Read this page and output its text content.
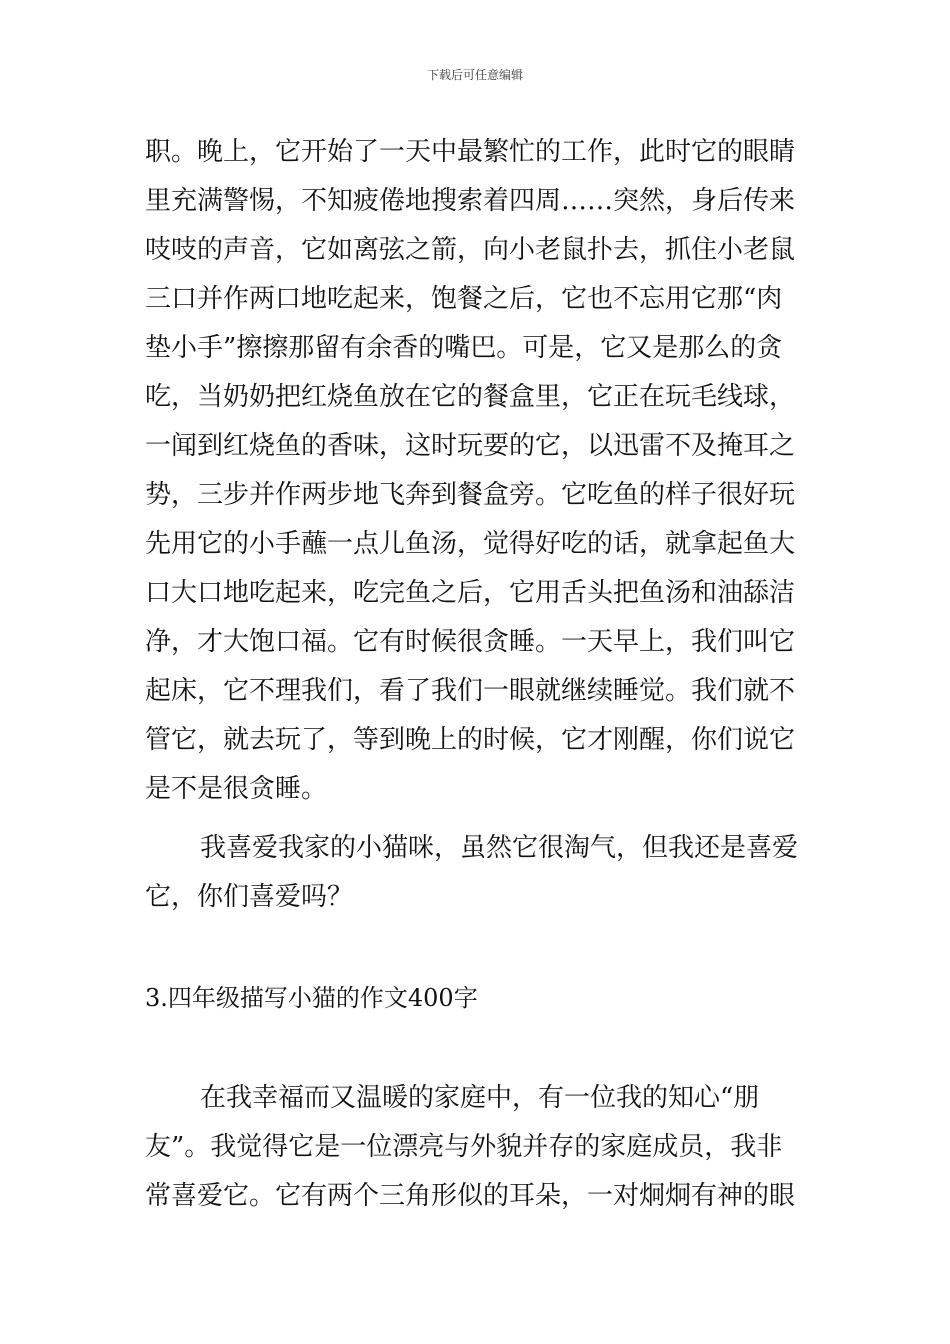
下载后可任意编辑
职。晚上，它开始了一天中最繁忙的工作，此时它的眼睛
里充满警惕，不知疲倦地搜索着四周……突然，身后传来
吱吱的声音，它如离弦之箭，向小老鼠扑去，抓住小老鼠
三口并作两口地吃起来，饱餐之后，它也不忘用它那“肉
垫小手”擦擦那留有余香的嘴巴。可是，它又是那么的贪
吃，当奶奶把红烧鱼放在它的餐盒里，它正在玩毛线球，
一闻到红烧鱼的香味，这时玩要的它，以迅雷不及掩耳之
势，三步并作两步地飞奔到餐盒旁。它吃鱼的样子很好玩
先用它的小手蘸一点儿鱼汤，觉得好吃的话，就拿起鱼大
口大口地吃起来，吃完鱼之后，它用舌头把鱼汤和油舔洁
净，才大饱口福。它有时候很贪睡。一天早上，我们叫它
起床，它不理我们，看了我们一眼就继续睡觉。我们就不
管它，就去玩了，等到晚上的时候，它才刚醒，你们说它
是不是很贪睡。
我喜爱我家的小猫咪，虽然它很淘气，但我还是喜爱
它，你们喜爱吗？
3.四年级描写小猫的作文400字
在我幸福而又温暖的家庭中，有一位我的知心“朋
友”。我觉得它是一位漂亮与外貌并存的家庭成员，我非
常喜爱它。它有两个三角形似的耳朵，一对炯炯有神的眼
